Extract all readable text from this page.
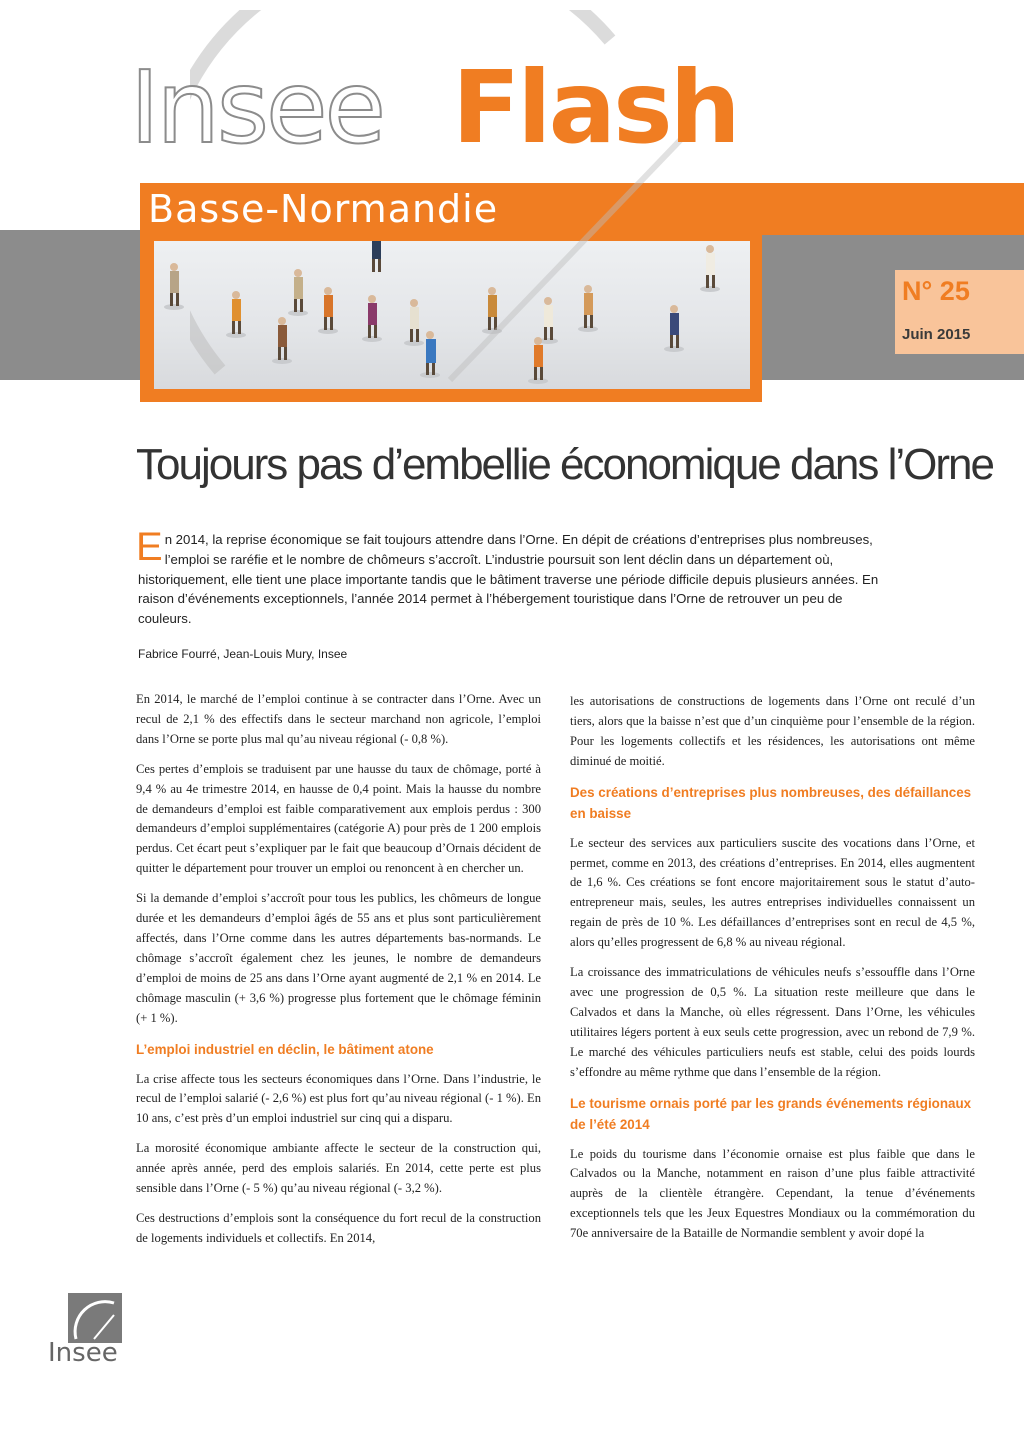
Insee Flash
Basse-Normandie
N° 25
Juin 2015
Toujours pas d’embellie économique dans l’Orne
En 2014, la reprise économique se fait toujours attendre dans l’Orne. En dépit de créations d’entreprises plus nombreuses, l’emploi se raréfie et le nombre de chômeurs s’accroît. L’industrie poursuit son lent déclin dans un département où, historiquement, elle tient une place importante tandis que le bâtiment traverse une période difficile depuis plusieurs années. En raison d’événements exceptionnels, l’année 2014 permet à l’hébergement touristique dans l’Orne de retrouver un peu de couleurs.
Fabrice Fourré, Jean-Louis Mury, Insee

En 2014, le marché de l’emploi continue à se contracter dans l’Orne. Avec un recul de 2,1 % des effectifs dans le secteur marchand non agricole, l’emploi dans l’Orne se porte plus mal qu’au niveau régional (- 0,8 %).

Ces pertes d’emplois se traduisent par une hausse du taux de chômage, porté à 9,4 % au 4e trimestre 2014, en hausse de 0,4 point. Mais la hausse du nombre de demandeurs d’emploi est faible comparativement aux emplois perdus : 300 demandeurs d’emploi supplémentaires (catégorie A) pour près de 1 200 emplois perdus. Cet écart peut s’expliquer par le fait que beaucoup d’Ornais décident de quitter le département pour trouver un emploi ou renoncent à en chercher un.

Si la demande d’emploi s’accroît pour tous les publics, les chômeurs de longue durée et les demandeurs d’emploi âgés de 55 ans et plus sont particulièrement affectés, dans l’Orne comme dans les autres départements bas-normands. Le chômage s’accroît également chez les jeunes, le nombre de demandeurs d’emploi de moins de 25 ans dans l’Orne ayant augmenté de 2,1 % en 2014. Le chômage masculin (+ 3,6 %) progresse plus fortement que le chômage féminin (+ 1 %).

L’emploi industriel en déclin, le bâtiment atone

La crise affecte tous les secteurs économiques dans l’Orne. Dans l’industrie, le recul de l’emploi salarié (- 2,6 %) est plus fort qu’au niveau régional (- 1 %). En 10 ans, c’est près d’un emploi industriel sur cinq qui a disparu.

La morosité économique ambiante affecte le secteur de la construction qui, année après année, perd des emplois salariés. En 2014, cette perte est plus sensible dans l’Orne (- 5 %) qu’au niveau régional (- 3,2 %).

Ces destructions d’emplois sont la conséquence du fort recul de la construction de logements individuels et collectifs. En 2014,

les autorisations de constructions de logements dans l’Orne ont reculé d’un tiers, alors que la baisse n’est que d’un cinquième pour l’ensemble de la région. Pour les logements collectifs et les résidences, les autorisations ont même diminué de moitié.

Des créations d’entreprises plus nombreuses, des défaillances en baisse

Le secteur des services aux particuliers suscite des vocations dans l’Orne, et permet, comme en 2013, des créations d’entreprises. En 2014, elles augmentent de 1,6 %. Ces créations se font encore majoritairement sous le statut d’auto-entrepreneur mais, seules, les autres entreprises individuelles connaissent un regain de près de 10 %. Les défaillances d’entreprises sont en recul de 4,5 %, alors qu’elles progressent de 6,8 % au niveau régional.

La croissance des immatriculations de véhicules neufs s’essouffle dans l’Orne avec une progression de 0,5 %. La situation reste meilleure que dans le Calvados et dans la Manche, où elles régressent. Dans l’Orne, les véhicules utilitaires légers portent à eux seuls cette progression, avec un rebond de 7,9 %. Le marché des véhicules particuliers neufs est stable, celui des poids lourds s’effondre au même rythme que dans l’ensemble de la région.

Le tourisme ornais porté par les grands événements régionaux de l’été 2014

Le poids du tourisme dans l’économie ornaise est plus faible que dans le Calvados ou la Manche, notamment en raison d’une plus faible attractivité auprès de la clientèle étrangère. Cependant, la tenue d’événements exceptionnels tels que les Jeux Equestres Mondiaux ou la commémoration du 70e anniversaire de la Bataille de Normandie semblent y avoir dopé la

Insee
